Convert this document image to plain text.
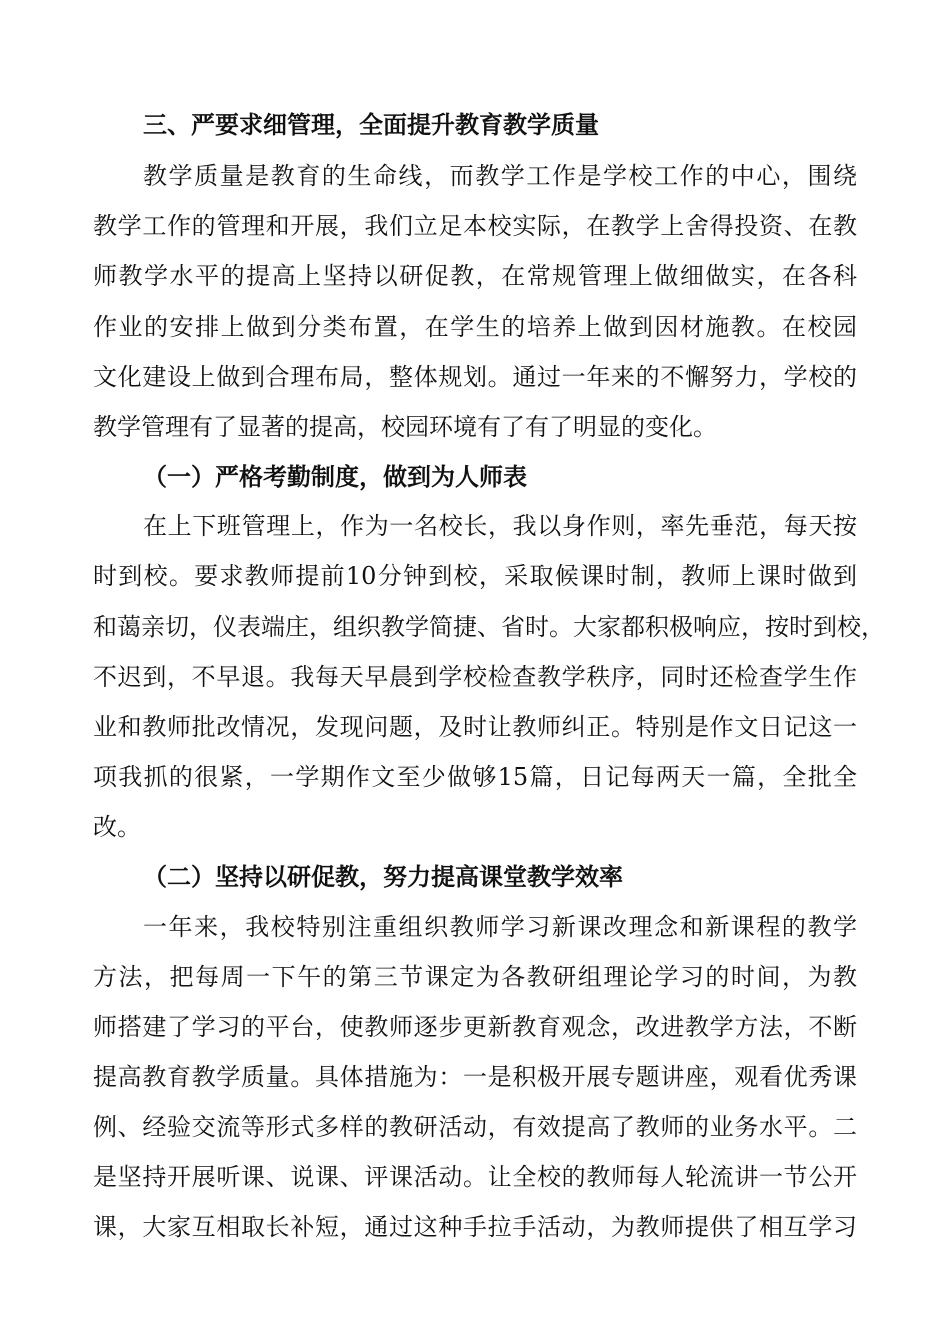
三、严要求细管理，全面提升教育教学质量
教学质量是教育的生命线，而教学工作是学校工作的中心，围绕
教学工作的管理和开展，我们立足本校实际，在教学上舍得投资、在教
师教学水平的提高上坚持以研促教，在常规管理上做细做实，在各科
作业的安排上做到分类布置，在学生的培养上做到因材施教。在校园
文化建设上做到合理布局，整体规划。通过一年来的不懈努力，学校的
教学管理有了显著的提高，校园环境有了有了明显的变化。
（一）严格考勤制度，做到为人师表
在上下班管理上，作为一名校长，我以身作则，率先垂范，每天按
时到校。要求教师提前10分钟到校，采取候课时制，教师上课时做到
和蔼亲切，仪表端庄，组织教学简捷、省时。大家都积极响应，按时到校，
不迟到，不早退。我每天早晨到学校检查教学秩序，同时还检查学生作
业和教师批改情况，发现问题，及时让教师纠正。特别是作文日记这一
项我抓的很紧，一学期作文至少做够15篇，日记每两天一篇，全批全
改。
（二）坚持以研促教，努力提高课堂教学效率
一年来，我校特别注重组织教师学习新课改理念和新课程的教学
方法，把每周一下午的第三节课定为各教研组理论学习的时间，为教
师搭建了学习的平台，使教师逐步更新教育观念，改进教学方法，不断
提高教育教学质量。具体措施为：一是积极开展专题讲座，观看优秀课
例、经验交流等形式多样的教研活动，有效提高了教师的业务水平。二
是坚持开展听课、说课、评课活动。让全校的教师每人轮流讲一节公开
课，大家互相取长补短，通过这种手拉手活动，为教师提供了相互学习
